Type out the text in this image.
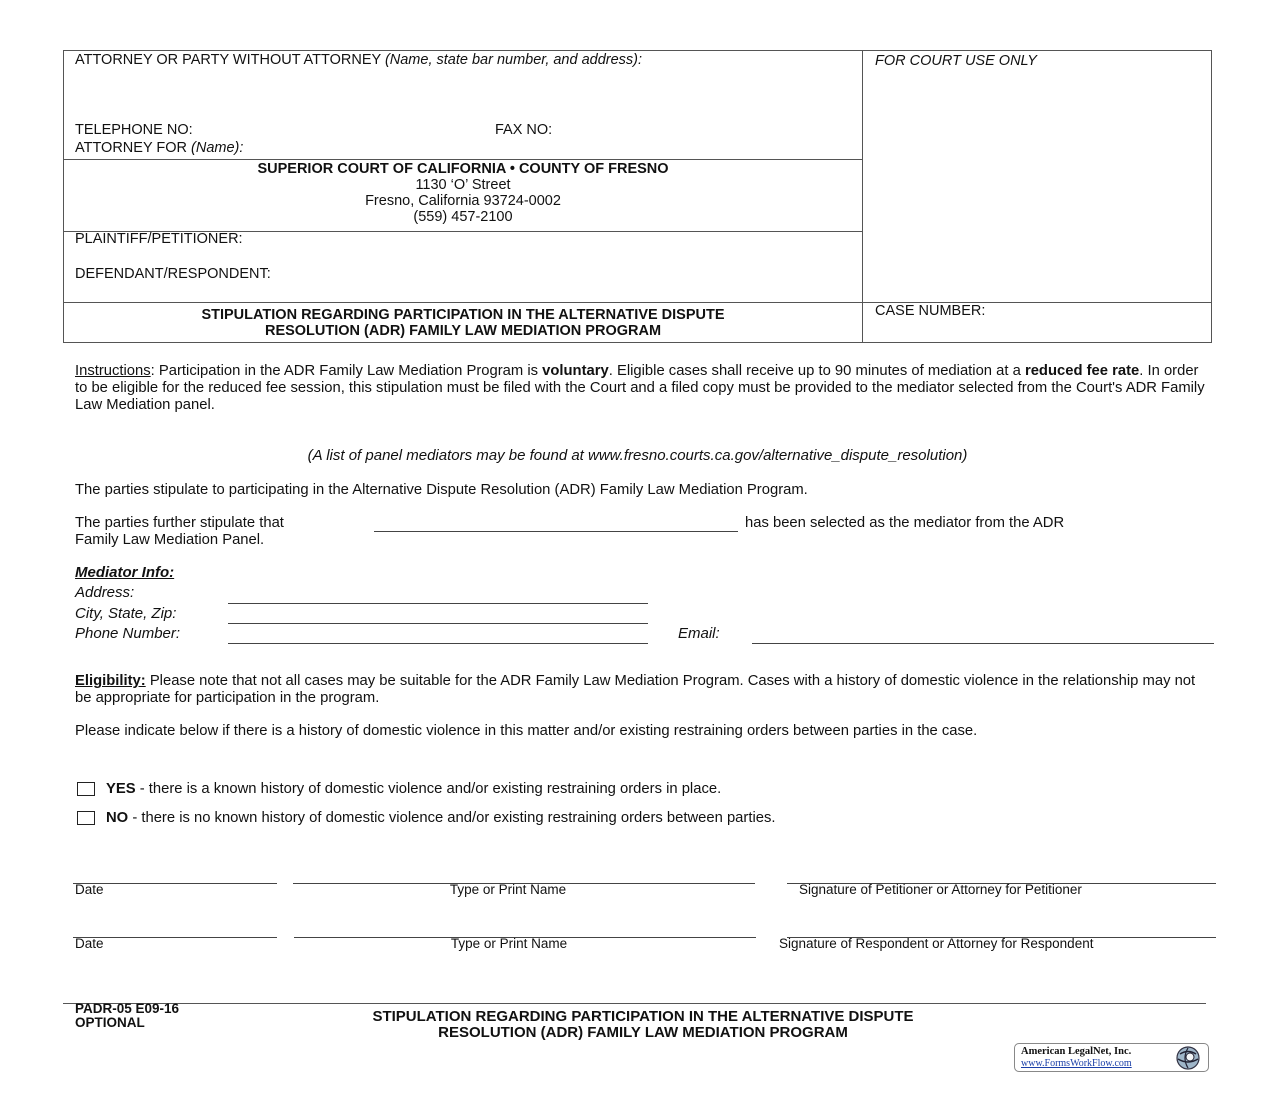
ATTORNEY OR PARTY WITHOUT ATTORNEY (Name, state bar number, and address):	FOR COURT USE ONLY
TELEPHONE NO:	FAX NO:
ATTORNEY FOR (Name):
SUPERIOR COURT OF CALIFORNIA • COUNTY OF FRESNO
1130 ‘O’ Street
Fresno, California 93724-0002
(559) 457-2100
PLAINTIFF/PETITIONER:
DEFENDANT/RESPONDENT:
STIPULATION REGARDING PARTICIPATION IN THE ALTERNATIVE DISPUTE
RESOLUTION (ADR) FAMILY LAW MEDIATION PROGRAM
CASE NUMBER:
Instructions: Participation in the ADR Family Law Mediation Program is voluntary. Eligible cases shall receive up to 90 minutes of mediation at a reduced fee rate. In order to be eligible for the reduced fee session, this stipulation must be filed with the Court and a filed copy must be provided to the mediator selected from the Court's ADR Family Law Mediation panel.
(A list of panel mediators may be found at www.fresno.courts.ca.gov/alternative_dispute_resolution)
The parties stipulate to participating in the Alternative Dispute Resolution (ADR) Family Law Mediation Program.
The parties further stipulate that	has been selected as the mediator from the ADR
Family Law Mediation Panel.
Mediator Info:
Address:
City, State, Zip:
Phone Number:	Email:
Eligibility: Please note that not all cases may be suitable for the ADR Family Law Mediation Program. Cases with a history of domestic violence in the relationship may not be appropriate for participation in the program.
Please indicate below if there is a history of domestic violence in this matter and/or existing restraining orders between parties in the case.
YES - there is a known history of domestic violence and/or existing restraining orders in place.
NO - there is no known history of domestic violence and/or existing restraining orders between parties.
Date	Type or Print Name	Signature of Petitioner or Attorney for Petitioner
Date	Type or Print Name	Signature of Respondent or Attorney for Respondent
PADR-05 E09-16
OPTIONAL	STIPULATION REGARDING PARTICIPATION IN THE ALTERNATIVE DISPUTE
RESOLUTION (ADR) FAMILY LAW MEDIATION PROGRAM
American LegalNet, Inc.
www.FormsWorkFlow.com
